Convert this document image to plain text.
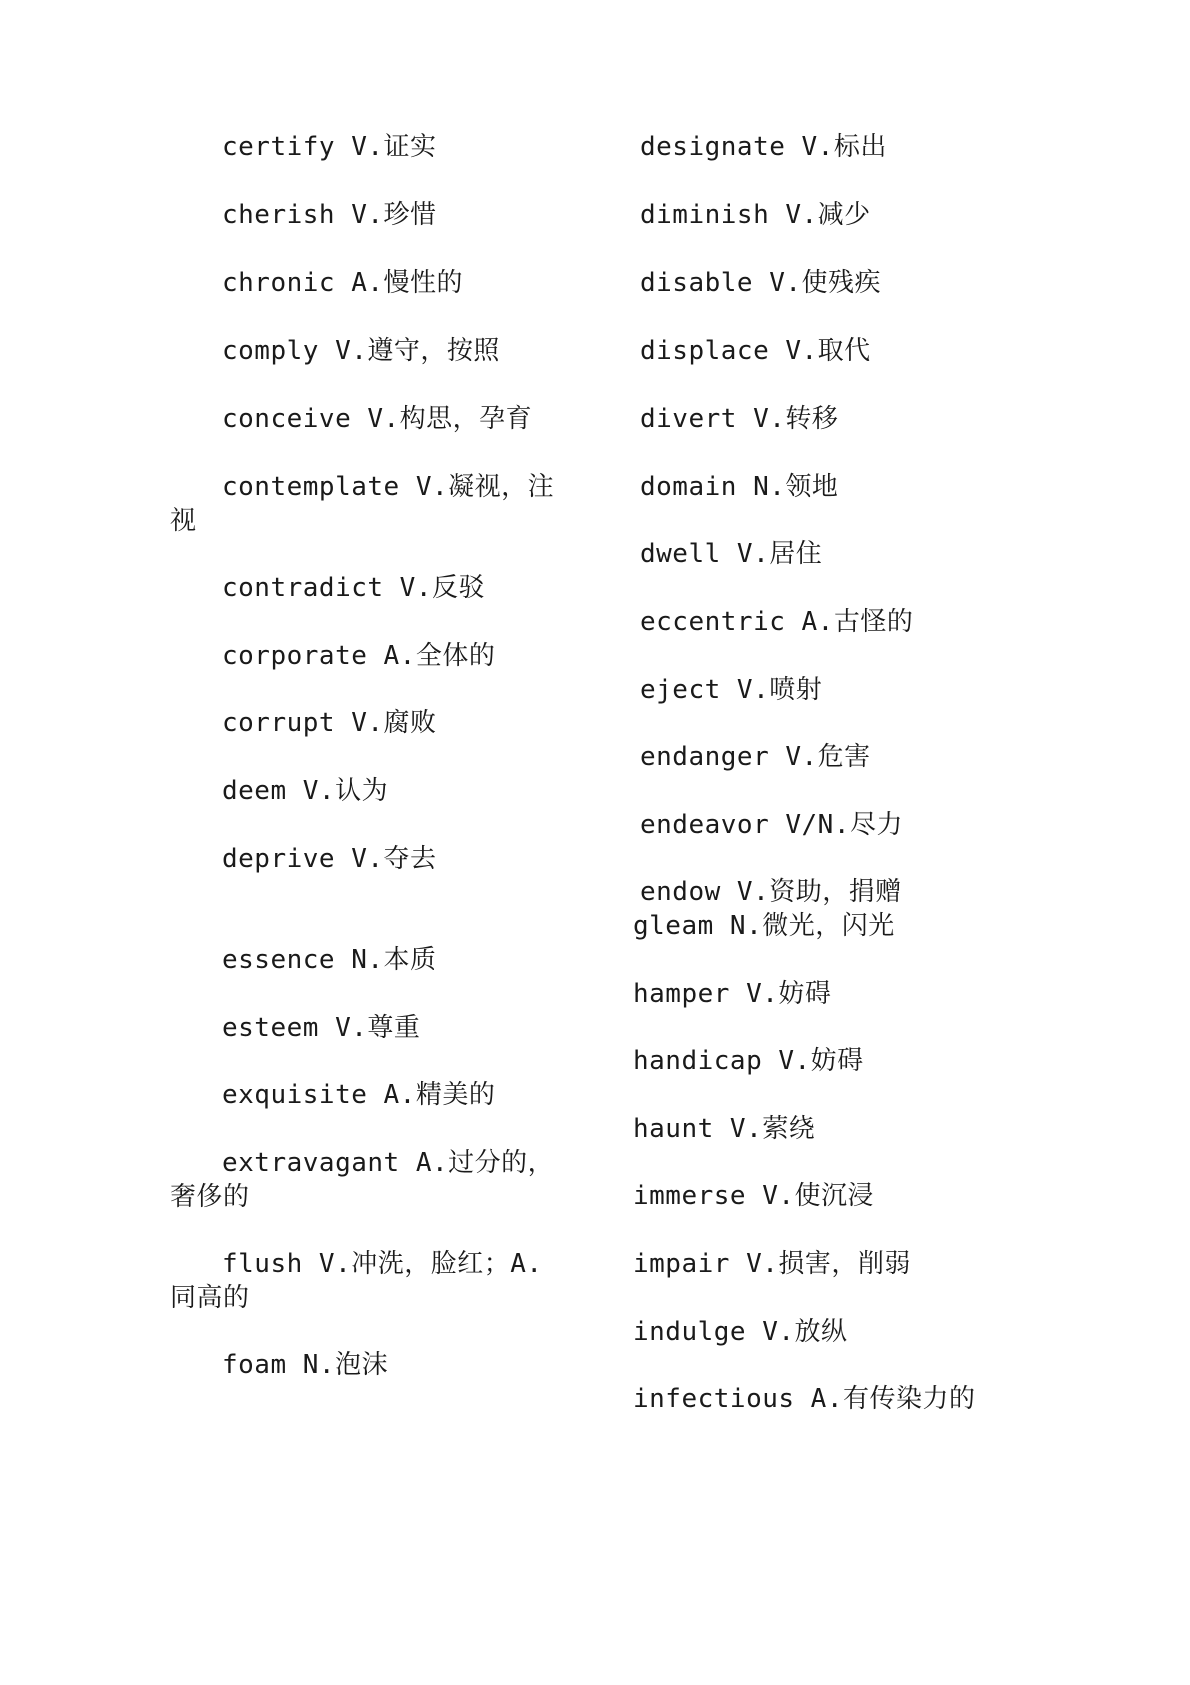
certify V.证实
cherish V.珍惜
chronic A.慢性的
comply V.遵守，按照
conceive V.构思，孕育
contemplate V.凝视，注
视
contradict V.反驳
corporate A.全体的
corrupt V.腐败
deem V.认为
deprive V.夺去
essence N.本质
esteem V.尊重
exquisite A.精美的
extravagant A.过分的，
奢侈的
flush V.冲洗，脸红；A.
同高的
foam N.泡沫
designate V.标出
diminish V.减少
disable V.使残疾
displace V.取代
divert V.转移
domain N.领地
dwell V.居住
eccentric A.古怪的
eject V.喷射
endanger V.危害
endeavor V/N.尽力
endow V.资助，捐赠
gleam N.微光，闪光
hamper V.妨碍
handicap V.妨碍
haunt V.萦绕
immerse V.使沉浸
impair V.损害，削弱
indulge V.放纵
infectious A.有传染力的
